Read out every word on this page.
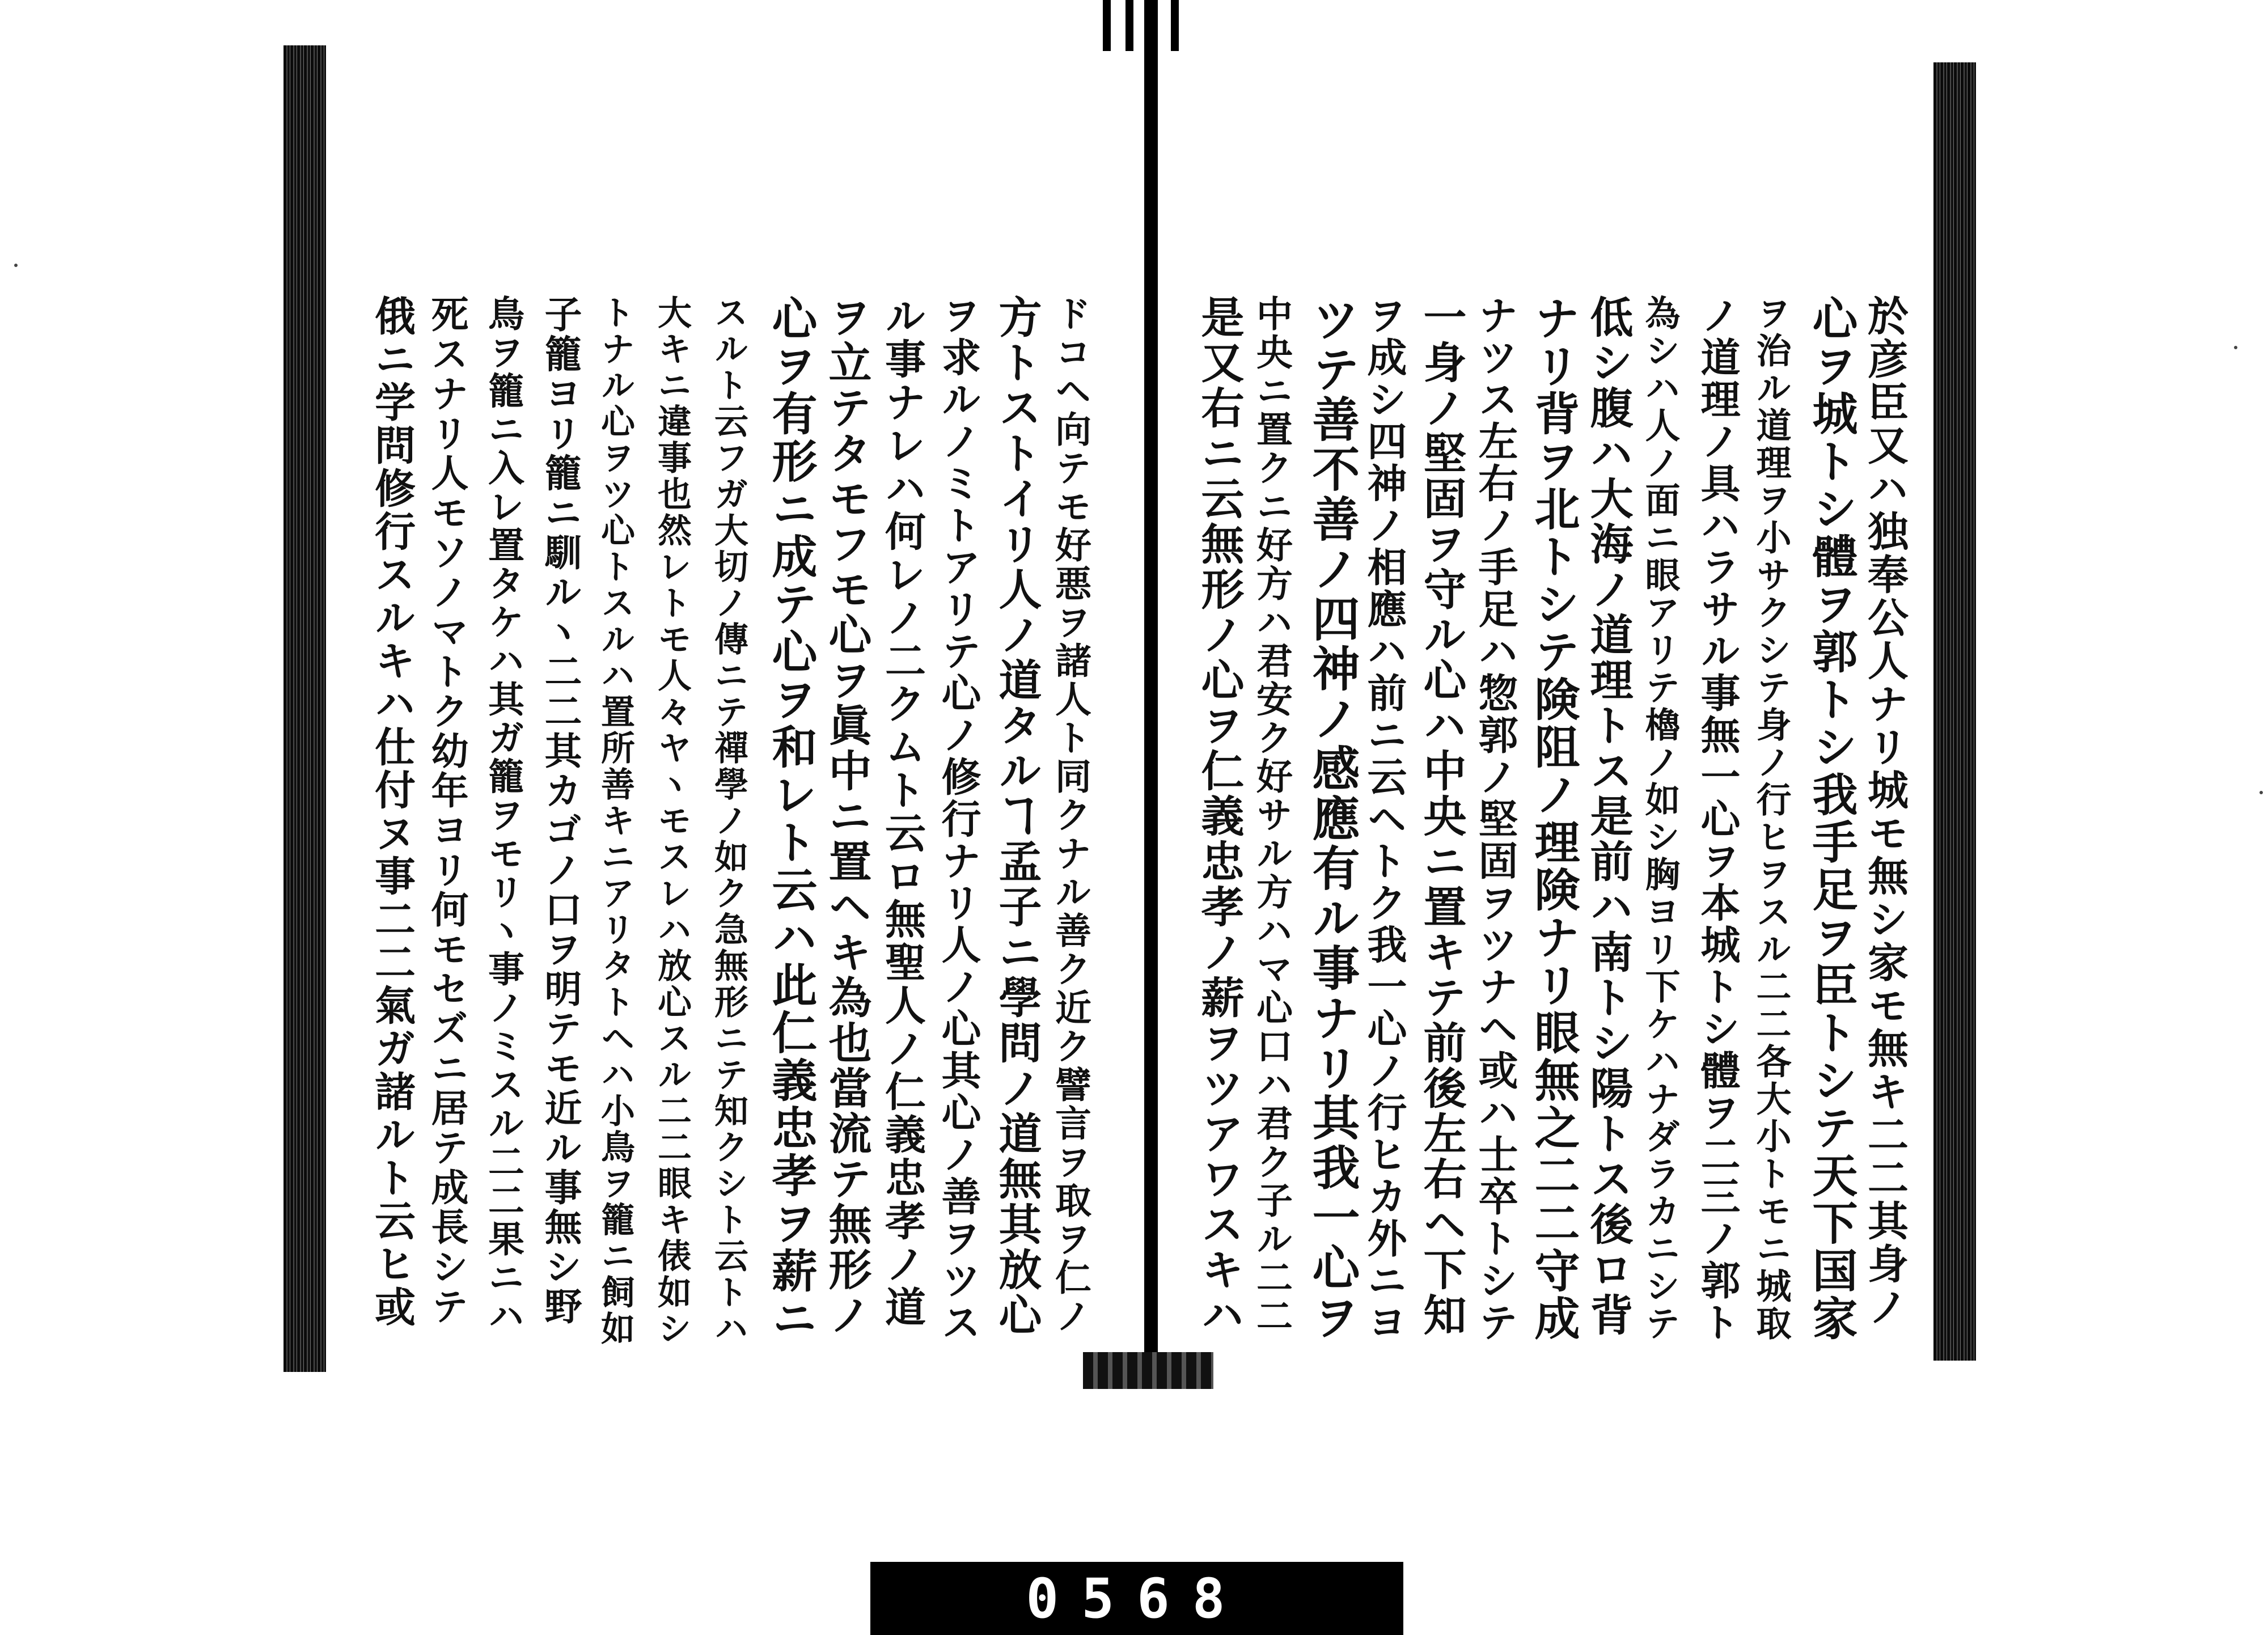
於彦臣又ハ独奉公人ナリ城モ無シ家モ無キ二二其身ノ
心ヲ城トシ體ヲ郭トシ我手足ヲ臣トシテ天下国家
ヲ治ル道理ヲ小サクシテ身ノ行ヒヲスル二二各大小トモニ城取
ノ道理ノ具ハラサル事無一心ヲ本城トシ體ヲ二三ノ郭ト
為シハ人ノ面ニ眼アリテ櫓ノ如シ胸ヨリ下ケハナダラカニシテ
低シ腹ハ大海ノ道理トス是前ハ南トシ陽トス後ロ背
ナリ背ヲ北トシテ険阻ノ理険ナリ眼無之二二守成
ナツス左右ノ手足ハ惣郭ノ堅固ヲツナヘ或ハ士卒トシテ
一身ノ堅固ヲ守ル心ハ中央ニ置キテ前後左右ヘ下知
ヲ成シ四神ノ相應ハ前ニ云ヘトク我一心ノ行ヒカ外ニヨ
ツテ善不善ノ四神ノ感應有ル事ナリ其我一心ヲ
中央ニ置クニ好方ハ君安ク好サル方ハマ心口ハ君ク子ル二二
是又右ニ云無形ノ心ヲ仁義忠孝ノ薪ヲツアワスキハ
ドコヘ向テモ好悪ヲ諸人ト同クナル善ク近ク譬言ヲ取ヲ仁ノ
方トストイリ人ノ道タルヿ孟子ニ學問ノ道無其放心
ヲ求ルノミトアリテ心ノ修行ナリ人ノ心其心ノ善ヲツス
ル事ナレハ何レノ二クムト云ロ無聖人ノ仁義忠孝ノ道
ヲ立テタモフモ心ヲ眞中ニ置ヘキ為也當流テ無形ノ
心ヲ有形ニ成テ心ヲ和レト云ハ此仁義忠孝ヲ薪ニ
スルト云フガ大切ノ傳ニテ禪學ノ如ク急無形ニテ知クシト云トハ
大キニ違事也然レトモ人々ヤヽモスレハ放心スル二二眼キ俵如シ
トナル心ヲツ心トスルハ置所善キニアリタトヘハ小鳥ヲ籠ニ飼如
子籠ヨリ籠ニ馴ルヽ二二其カゴノ口ヲ明テモ近ル事無シ野
鳥ヲ籠ニ入レ置タケハ其ガ籠ヲモリヽ事ノミスル二二果ニハ
死スナリ人モソノマトク幼年ヨリ何モセズニ居テ成長シテ
俄ニ学問修行スルキハ仕付ヌ事二二氣ガ諸ルト云ヒ或
0568
